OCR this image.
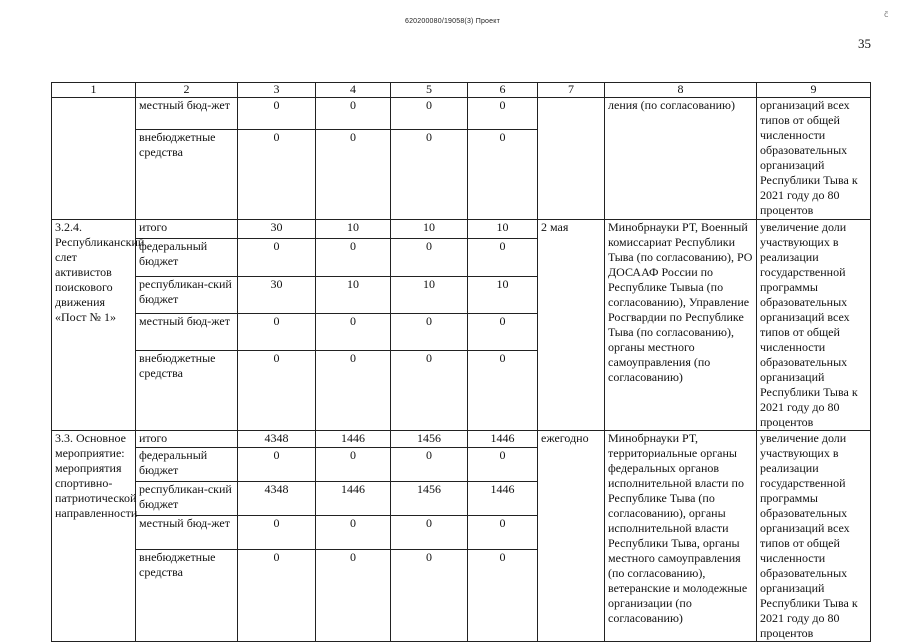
620200080/19058(3) Проект
ⅽ̃
35
1	2	3	4	5	6	7	8	9
	местный бюд-жет	0	0	0	0		ления (по согласованию)	организаций всех типов от общей численности образовательных организаций Республики Тыва к 2021 году до 80 процентов
	внебюджетные средства	0	0	0	0			
3.2.4. Республиканский слет активистов поискового движения «Пост № 1»	итого	30	10	10	10	2 мая	Минобрнауки РТ, Военный комиссариат Республики Тыва (по согласованию), РО ДОСААФ России по Республике Тывыа (по согласованию), Управление Росгвардии по Республике Тыва (по согласованию), органы местного самоуправления (по согласованию)	увеличение доли участвующих в реализации государственной программы образовательных организаций всех типов от общей численности образовательных организаций Республики Тыва к 2021 году до 80 процентов
	федеральный бюджет	0	0	0	0			
	республикан-ский бюджет	30	10	10	10			
	местный бюд-жет	0	0	0	0			
	внебюджетные средства	0	0	0	0			
3.3. Основное мероприятие: мероприятия спортивно-патриотической направленности	итого	4348	1446	1456	1446	ежегодно	Минобрнауки РТ, территориальные органы федеральных органов исполнительной власти по Республике Тыва (по согласованию), органы исполнительной власти Республики Тыва, органы местного самоуправления (по согласованию), ветеранские и молодежные организации (по согласованию)	увеличение доли участвующих в реализации государственной программы образовательных организаций всех типов от общей численности образовательных организаций Республики Тыва к 2021 году до 80 процентов
	федеральный бюджет	0	0	0	0			
	республикан-ский бюджет	4348	1446	1456	1446			
	местный бюд-жет	0	0	0	0			
	внебюджетные средства	0	0	0	0			
